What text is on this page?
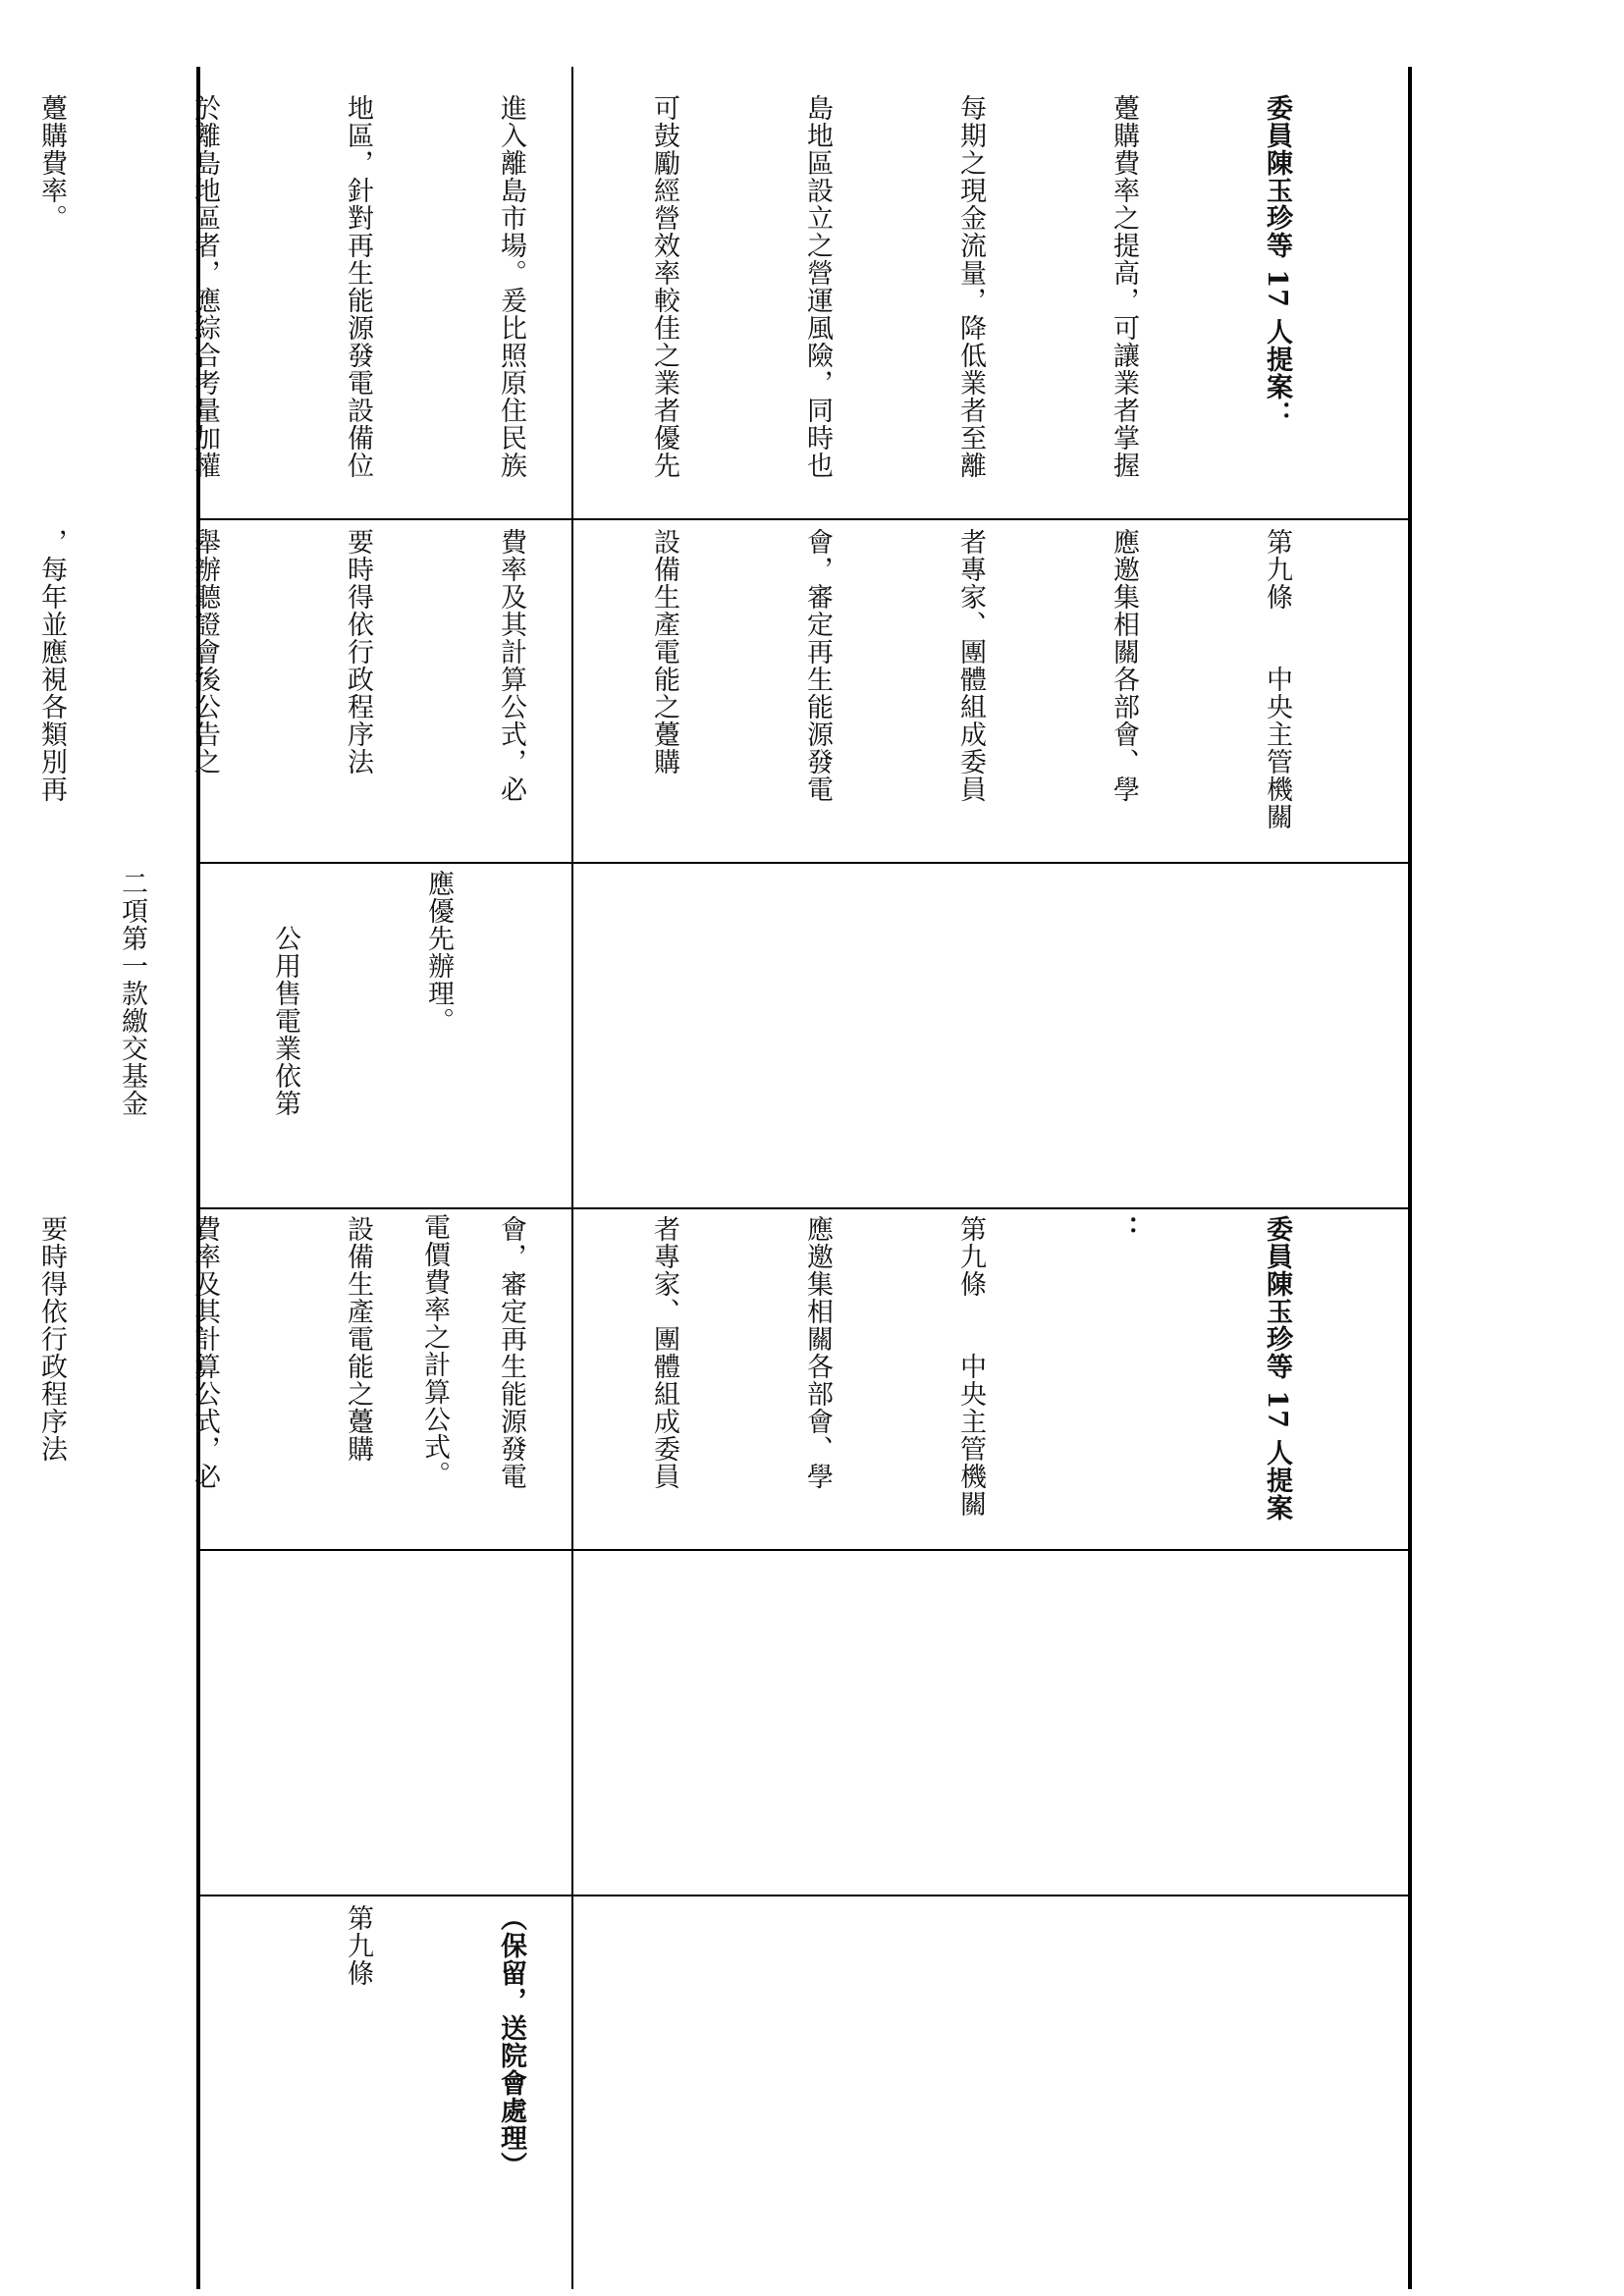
電價費率之計算公式。

應優先辦理。

　　公用售電業依第

二項第一款繳交基金

（保留，送院會處理）

第九條

委員陳玉珍等 17 人提案

：

第九條　　中央主管機關

應邀集相關各部會、學

者專家、團體組成委員

會，審定再生能源發電

設備生產電能之躉購

費率及其計算公式，必

要時得依行政程序法

第九條　　中央主管機關

應邀集相關各部會、學

者專家、團體組成委員

會，審定再生能源發電

設備生產電能之躉購

費率及其計算公式，必

要時得依行政程序法

舉辦聽證會後公告之

，每年並應視各類別再

委員陳玉珍等 17 人提案：

躉購費率之提高，可讓業者掌握

每期之現金流量，降低業者至離

島地區設立之營運風險，同時也

可鼓勵經營效率較佳之業者優先

進入離島市場。爰比照原住民族

地區，針對再生能源發電設備位

於離島地區者，應綜合考量加權

躉購費率。
